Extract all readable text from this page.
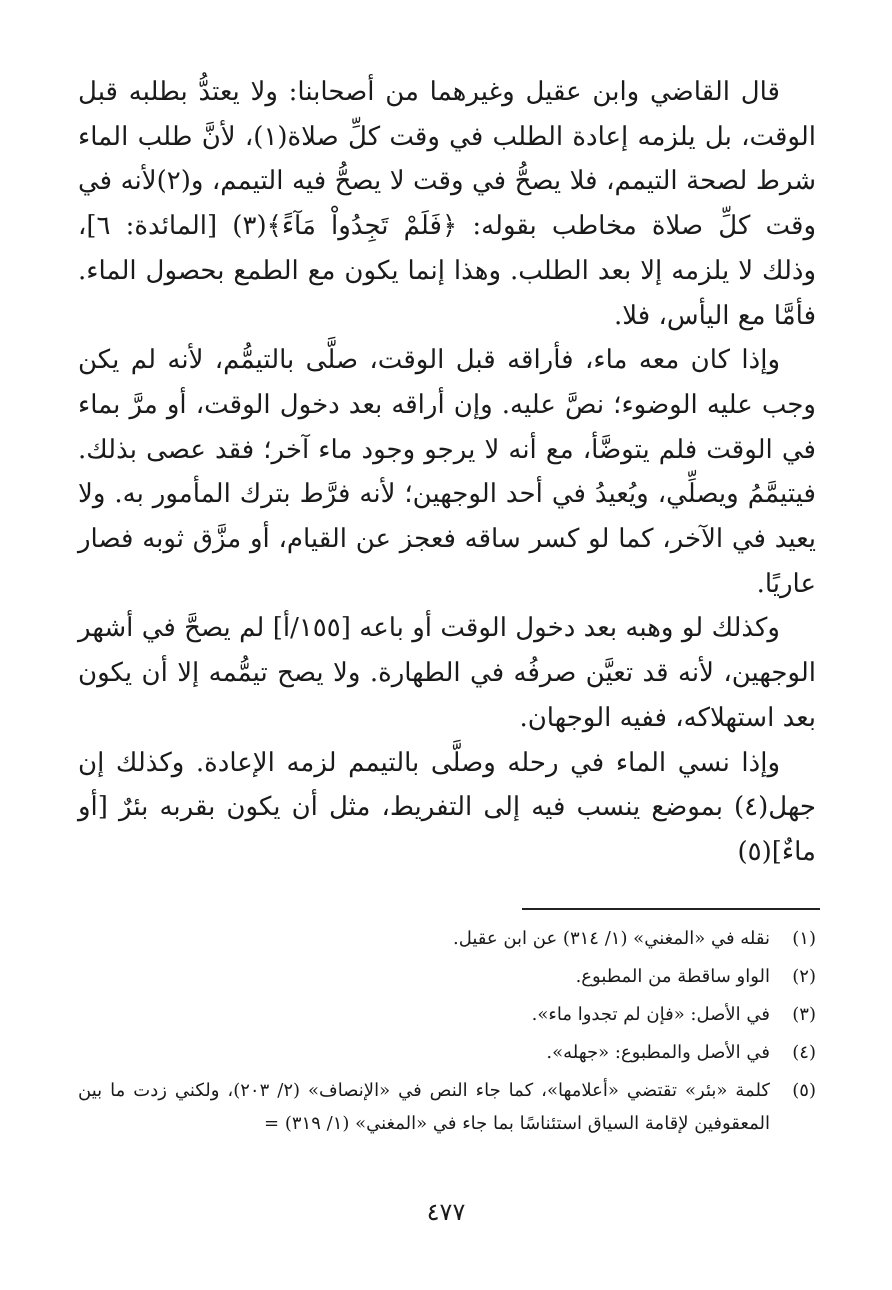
قال القاضي وابن عقيل وغيرهما من أصحابنا: ولا يعتدُّ بطلبه قبل الوقت، بل يلزمه إعادة الطلب في وقت كلِّ صلاة(١)، لأنَّ طلب الماء شرط لصحة التيمم، فلا يصحُّ في وقت لا يصحُّ فيه التيمم، و(٢)لأنه في وقت كلِّ صلاة مخاطب بقوله: ﴿فَلَمْ تَجِدُواْ مَآءً﴾(٣) [المائدة: ٦]، وذلك لا يلزمه إلا بعد الطلب. وهذا إنما يكون مع الطمع بحصول الماء. فأمَّا مع اليأس، فلا.

وإذا كان معه ماء، فأراقه قبل الوقت، صلَّى بالتيمُّم، لأنه لم يكن وجب عليه الوضوء؛ نصَّ عليه. وإن أراقه بعد دخول الوقت، أو مرَّ بماء في الوقت فلم يتوضَّأ، مع أنه لا يرجو وجود ماء آخر؛ فقد عصى بذلك. فيتيمَّمُ ويصلِّي، ويُعيدُ في أحد الوجهين؛ لأنه فرَّط بترك المأمور به. ولا يعيد في الآخر، كما لو كسر ساقه فعجز عن القيام، أو مزَّق ثوبه فصار عاريًا.

وكذلك لو وهبه بعد دخول الوقت أو باعه [١٥٥/أ] لم يصحَّ في أشهر الوجهين، لأنه قد تعيَّن صرفُه في الطهارة. ولا يصح تيمُّمه إلا أن يكون بعد استهلاكه، ففيه الوجهان.

وإذا نسي الماء في رحله وصلَّى بالتيمم لزمه الإعادة. وكذلك إن جهل(٤) بموضع ينسب فيه إلى التفريط، مثل أن يكون بقربه بئرٌ [أو ماءٌ](٥)

(١)
نقله في «المغني» (١/ ٣١٤) عن ابن عقيل.
(٢)
الواو ساقطة من المطبوع.
(٣)
في الأصل: «فإن لم تجدوا ماء».
(٤)
في الأصل والمطبوع: «جهله».
(٥)
كلمة «بئر» تقتضي «أعلامها»، كما جاء النص في «الإنصاف» (٢/ ٢٠٣)، ولكني زدت ما بين المعقوفين لإقامة السياق استئناسًا بما جاء في «المغني» (١/ ٣١٩) =
٤٧٧
